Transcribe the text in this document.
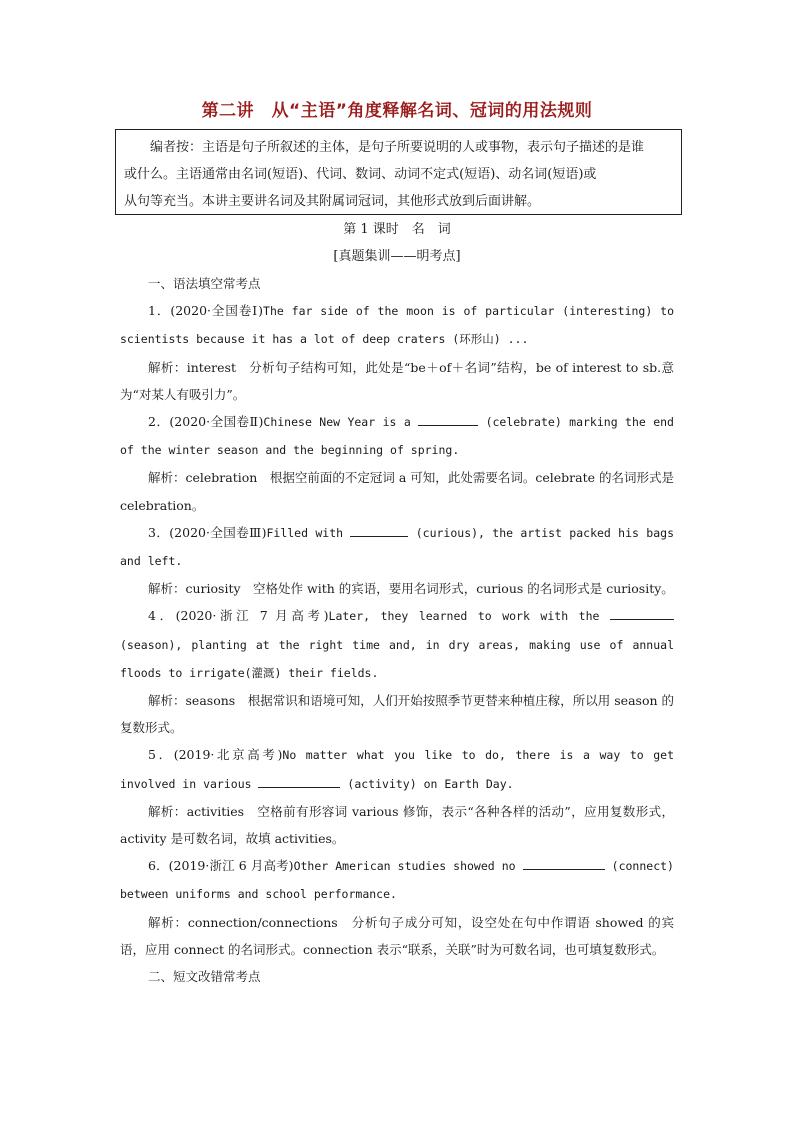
第二讲　从“主语”角度释解名词、冠词的用法规则
编者按：主语是句子所叙述的主体，是句子所要说明的人或事物，表示句子描述的是谁
或什么。主语通常由名词(短语)、代词、数词、动词不定式(短语)、动名词(短语)或
从句等充当。本讲主要讲名词及其附属词冠词，其他形式放到后面讲解。
第 1 课时　名　词
[真题集训——明考点]

一、语法填空常考点

1．(2020·全国卷Ⅰ)The far side of the moon is of particular (interesting) to scientists because it has a lot of deep craters (环形山) ...

解析：interest　分析句子结构可知，此处是“be＋of＋名词”结构，be of interest to sb.意为“对某人有吸引力”。

2．(2020·全国卷Ⅱ)Chinese New Year is a	(celebrate) marking the end of the winter season and the beginning of spring.

解析：celebration　根据空前面的不定冠词 a 可知，此处需要名词。celebrate 的名词形式是 celebration。

3．(2020·全国卷Ⅲ)Filled with	(curious), the artist packed his bags and left.

解析：curiosity　空格处作 with 的宾语，要用名词形式，curious 的名词形式是 curiosity。

4．(2020·浙江 7 月高考)Later, they learned to work with the  (season), planting at the right time and, in dry areas, making use of annual floods to irrigate(灌溉) their fields.

解析：seasons　根据常识和语境可知，人们开始按照季节更替来种植庄稼，所以用 season 的复数形式。

5．(2019·北京高考)No matter what you like to do, there is a way to get involved in various	(activity) on Earth Day.

解析：activities　空格前有形容词 various 修饰，表示“各种各样的活动”，应用复数形式，activity 是可数名词，故填 activities。

6．(2019·浙江 6 月高考)Other American studies showed no	(connect) between uniforms and school performance.

解析：connection/connections　分析句子成分可知，设空处在句中作谓语 showed 的宾语，应用 connect 的名词形式。connection 表示“联系，关联”时为可数名词，也可填复数形式。

二、短文改错常考点
